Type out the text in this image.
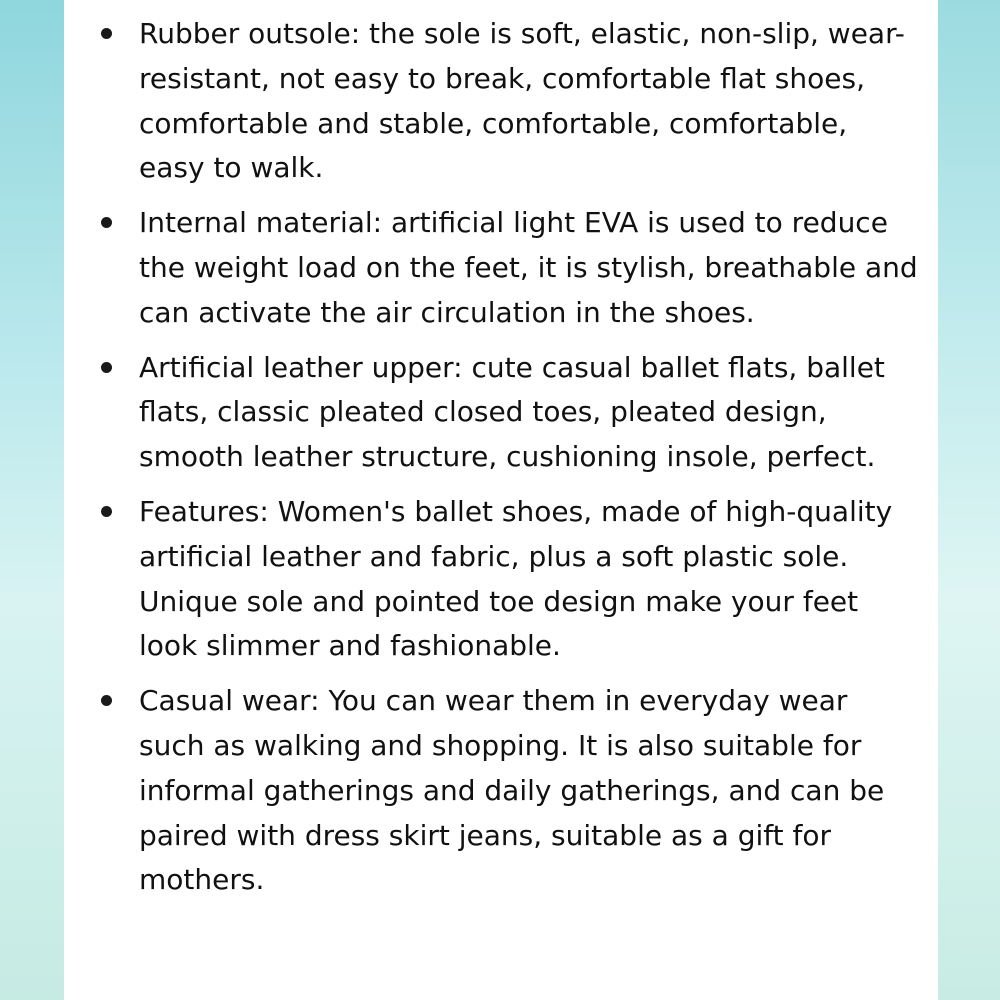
Rubber outsole: the sole is soft, elastic, non-slip, wear-resistant, not easy to break, comfortable flat shoes, comfortable and stable, comfortable, comfortable, easy to walk.
Internal material: artificial light EVA is used to reduce the weight load on the feet, it is stylish, breathable and can activate the air circulation in the shoes.
Artificial leather upper: cute casual ballet flats, ballet flats, classic pleated closed toes, pleated design, smooth leather structure, cushioning insole, perfect.
Features: Women's ballet shoes, made of high-quality artificial leather and fabric, plus a soft plastic sole. Unique sole and pointed toe design make your feet look slimmer and fashionable.
Casual wear: You can wear them in everyday wear such as walking and shopping. It is also suitable for informal gatherings and daily gatherings, and can be paired with dress skirt jeans, suitable as a gift for mothers.
